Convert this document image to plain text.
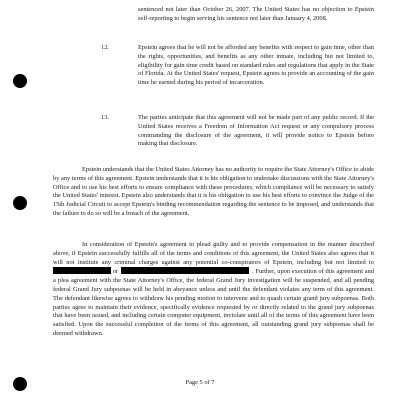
sentenced not later than October 26, 2007. The United States has no objection to Epstein self-reporting to begin serving his sentence not later than January 4, 2008.
12.	Epstein agrees that he will not be afforded any benefits with respect to gain time, other than the rights, opportunities, and benefits as any other inmate, including but not limited to, eligibility for gain time credit based on standard rules and regulations that apply in the State of Florida. At the United States' request, Epstein agrees to provide an accounting of the gain time he earned during his period of incarceration.
13.	The parties anticipate that this agreement will not be made part of any public record. If the United States receives a Freedom of Information Act request or any compulsory process commanding the disclosure of the agreement, it will provide notice to Epstein before making that disclosure.
Epstein understands that the United States Attorney has no authority to require the State Attorney's Office to abide by any terms of this agreement. Epstein understands that it is his obligation to undertake discussions with the State Attorney's Office and to use his best efforts to ensure compliance with these procedures, which compliance will be necessary to satisfy the United States' interest. Epstein also understands that it is his obligation to use his best efforts to convince the Judge of the 15th Judicial Circuit to accept Epstein's binding recommendation regarding the sentence to be imposed, and understands that the failure to do so will be a breach of the agreement.
In consideration of Epstein's agreement to plead guilty and to provide compensation in the manner described above, if Epstein successfully fulfills all of the terms and conditions of this agreement, the United States also agrees that it will not institute any criminal charges against any potential co-conspirators of Epstein, including but not limited to  or	. Further, upon execution of this agreement and a plea agreement with the State Attorney's Office, the federal Grand Jury investigation will be suspended, and all pending federal Grand Jury subpoenas will be held in abeyance unless and until the defendant violates any term of this agreement. The defendant likewise agrees to withdraw his pending motion to intervene and to quash certain grand jury subpoenas. Both parties agree to maintain their evidence, specifically evidence requested by or directly related to the grand jury subpoenas that have been issued, and including certain computer equipment, inviolate until all of the terms of this agreement have been satisfied. Upon the successful completion of the terms of this agreement, all outstanding grand jury subpoenas shall be deemed withdrawn.
Page 5 of 7
